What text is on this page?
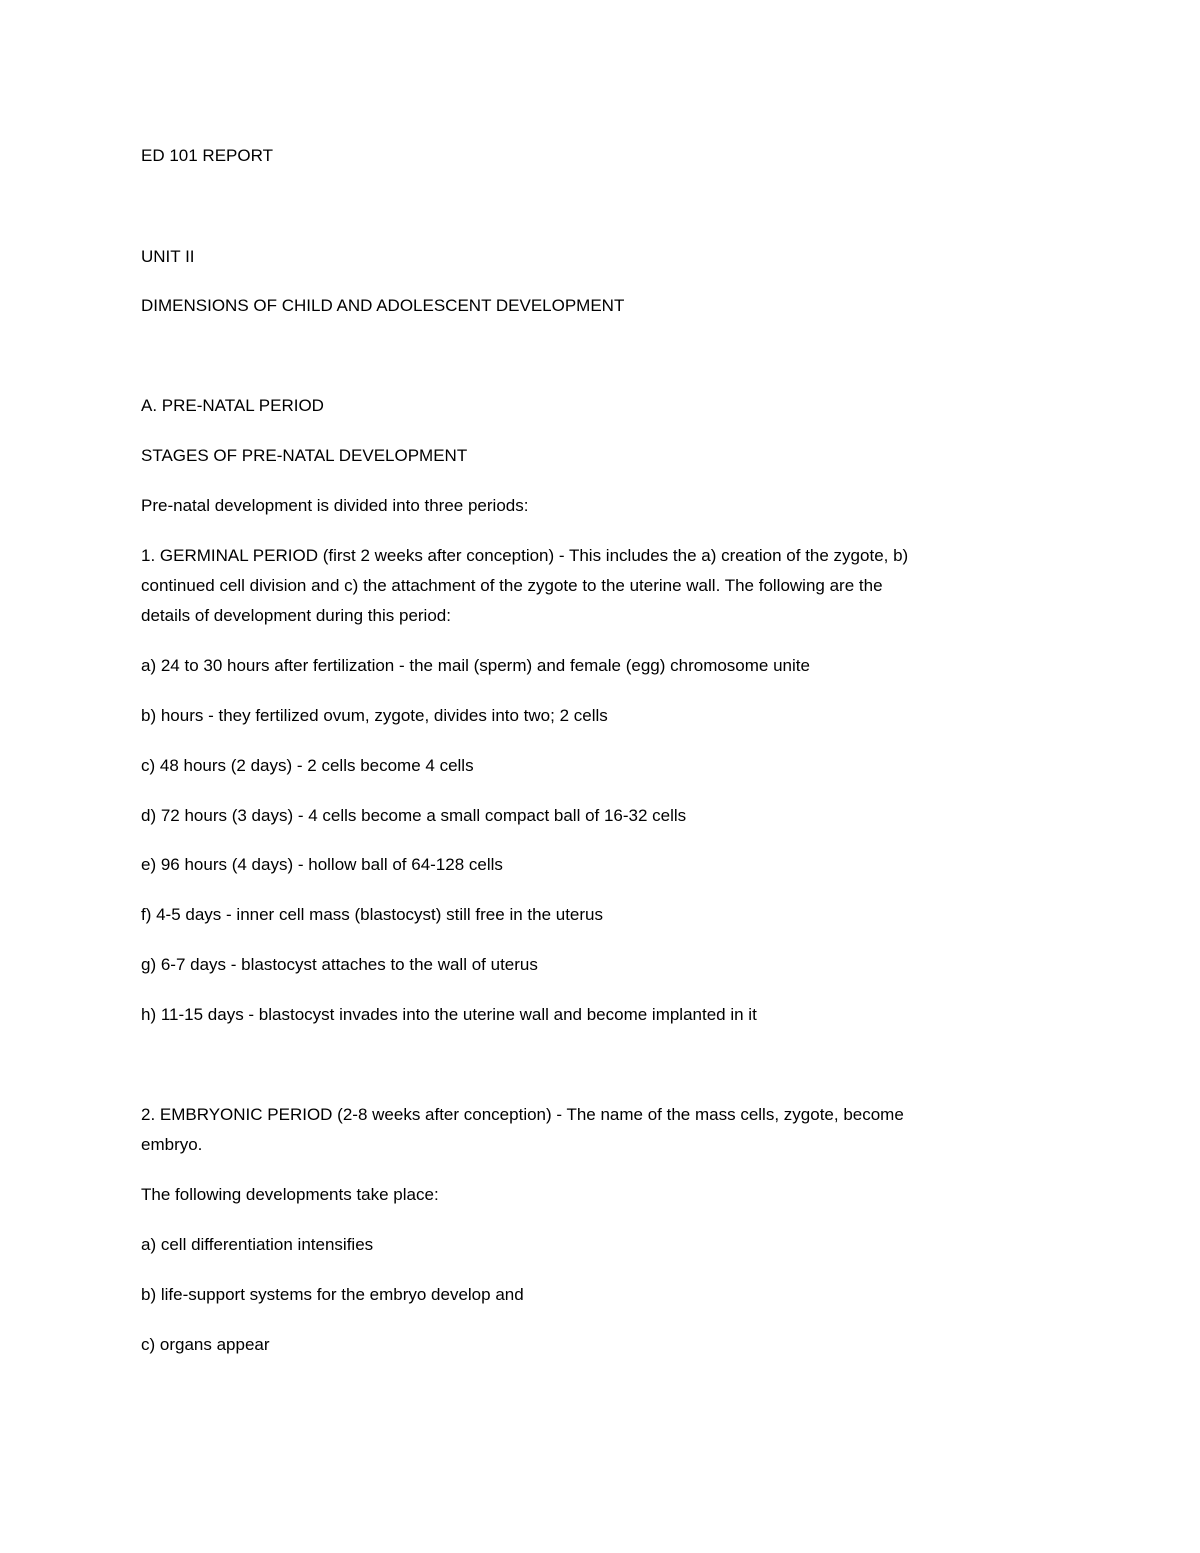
ED 101 REPORT

UNIT II

DIMENSIONS OF CHILD AND ADOLESCENT DEVELOPMENT

A. PRE-NATAL PERIOD

STAGES OF PRE-NATAL DEVELOPMENT

Pre-natal development is divided into three periods:

1. GERMINAL PERIOD (first 2 weeks after conception) - This includes the a) creation of the zygote, b)
continued cell division and c) the attachment of the zygote to the uterine wall. The following are the
details of development during this period:

a) 24 to 30 hours after fertilization - the mail (sperm) and female (egg) chromosome unite

b) hours - they fertilized ovum, zygote, divides into two; 2 cells

c) 48 hours (2 days) - 2 cells become 4 cells

d) 72 hours (3 days) - 4 cells become a small compact ball of 16-32 cells

e) 96 hours (4 days) - hollow ball of 64-128 cells

f) 4-5 days - inner cell mass (blastocyst) still free in the uterus

g) 6-7 days - blastocyst attaches to the wall of uterus

h) 11-15 days - blastocyst invades into the uterine wall and become implanted in it

2. EMBRYONIC PERIOD (2-8 weeks after conception) - The name of the mass cells, zygote, become
embryo.

The following developments take place:

a) cell differentiation intensifies

b) life-support systems for the embryo develop and

c) organs appear
